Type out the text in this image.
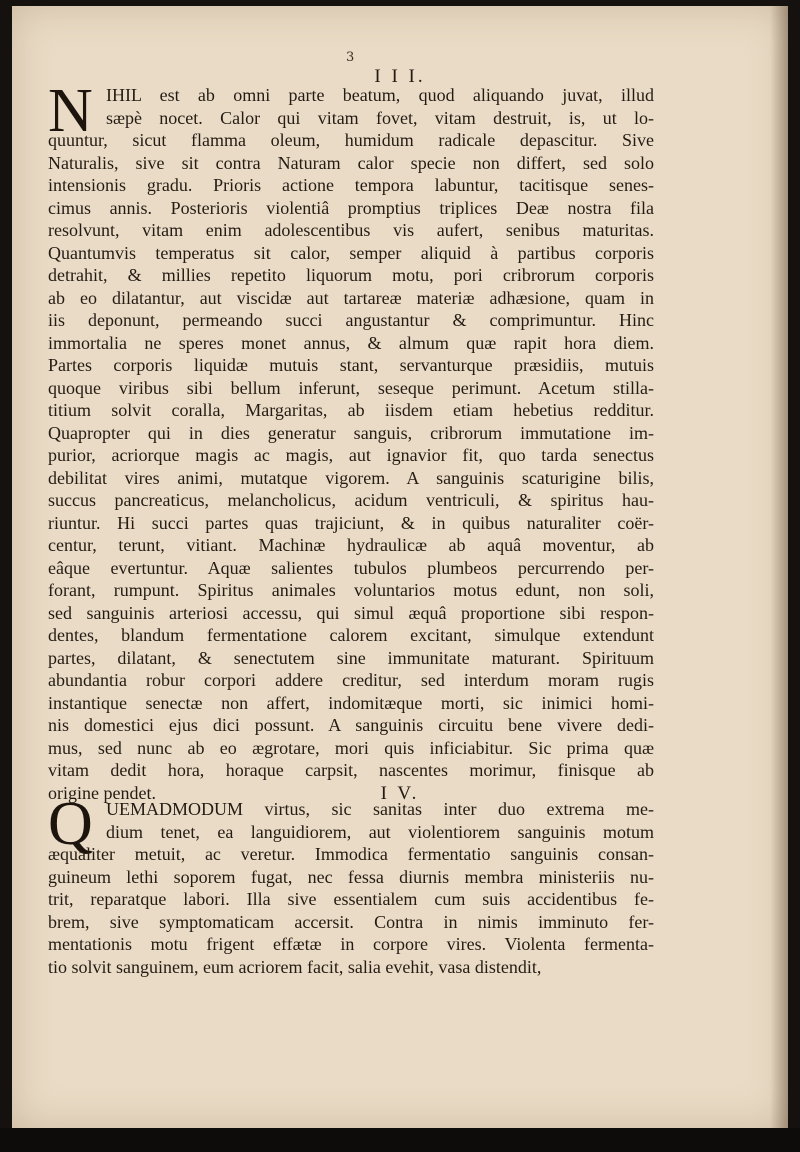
3
I I I.
I V.
N IHIL est ab omni parte beatum, quod aliquando juvat, illud
sæpè nocet. Calor qui vitam fovet, vitam destruit, is, ut lo-
quuntur, sicut flamma oleum, humidum radicale depascitur. Sive
Naturalis, sive sit contra Naturam calor specie non differt, sed solo
intensionis gradu. Prioris actione tempora labuntur, tacitisque senes-
cimus annis. Posterioris violentiâ promptius triplices Deæ nostra fila
resolvunt, vitam enim adolescentibus vis aufert, senibus maturitas.
Quantumvis temperatus sit calor, semper aliquid à partibus corporis
detrahit, & millies repetito liquorum motu, pori cribrorum corporis
ab eo dilatantur, aut viscidæ aut tartareæ materiæ adhæsione, quam in
iis deponunt, permeando succi angustantur & comprimuntur. Hinc
immortalia ne speres monet annus, & almum quæ rapit hora diem.
Partes corporis liquidæ mutuis stant, servanturque præsidiis, mutuis
quoque viribus sibi bellum inferunt, seseque perimunt. Acetum stilla-
titium solvit coralla, Margaritas, ab iisdem etiam hebetius redditur.
Quapropter qui in dies generatur sanguis, cribrorum immutatione im-
purior, acriorque magis ac magis, aut ignavior fit, quo tarda senectus
debilitat vires animi, mutatque vigorem. A sanguinis scaturigine bilis,
succus pancreaticus, melancholicus, acidum ventriculi, & spiritus hau-
riuntur. Hi succi partes quas trajiciunt, & in quibus naturaliter coër-
centur, terunt, vitiant. Machinæ hydraulicæ ab aquâ moventur, ab
eâque evertuntur. Aquæ salientes tubulos plumbeos percurrendo per-
forant, rumpunt. Spiritus animales voluntarios motus edunt, non soli,
sed sanguinis arteriosi accessu, qui simul æquâ proportione sibi respon-
dentes, blandum fermentatione calorem excitant, simulque extendunt
partes, dilatant, & senectutem sine immunitate maturant. Spirituum
abundantia robur corpori addere creditur, sed interdum moram rugis
instantique senectæ non affert, indomitæque morti, sic inimici homi-
nis domestici ejus dici possunt. A sanguinis circuitu bene vivere dedi-
mus, sed nunc ab eo ægrotare, mori quis inficiabitur. Sic prima quæ
vitam dedit hora, horaque carpsit, nascentes morimur, finisque ab
origine pendet.
Q UEMADMODUM virtus, sic sanitas inter duo extrema me-
dium tenet, ea languidiorem, aut violentiorem sanguinis motum
æqualiter metuit, ac veretur. Immodica fermentatio sanguinis consan-
guineum lethi soporem fugat, nec fessa diurnis membra ministeriis nu-
trit, reparatque labori. Illa sive essentialem cum suis accidentibus fe-
brem, sive symptomaticam accersit. Contra in nimis imminuto fer-
mentationis motu frigent effætæ in corpore vires. Violenta fermenta-
tio solvit sanguinem, eum acriorem facit, salia evehit, vasa distendit,
